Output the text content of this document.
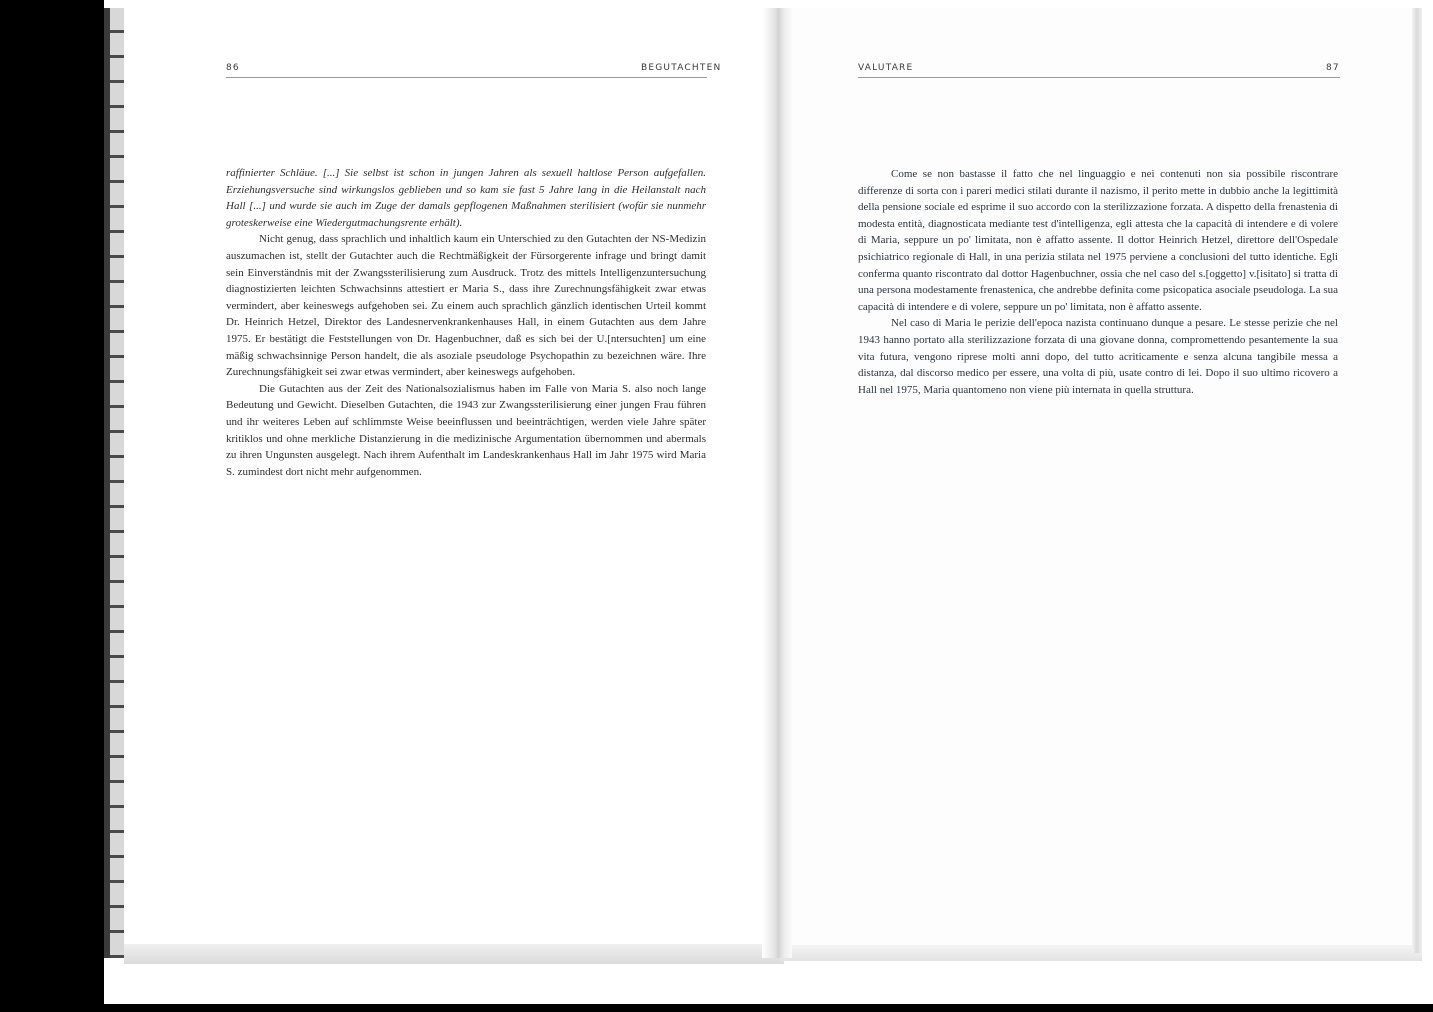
86	BEGUTACHTEN	VALUTARE	87

raffinierter Schläue. [...] Sie selbst ist schon in jungen Jahren als sexuell haltlose Person aufgefallen. Erziehungsversuche sind wirkungslos geblieben und so kam sie fast 5 Jahre lang in die Heilanstalt nach Hall [...] und wurde sie auch im Zuge der damals gepflogenen Maßnahmen sterilisiert (wofür sie nunmehr groteskerweise eine Wiedergutmachungsrente erhält).

Nicht genug, dass sprachlich und inhaltlich kaum ein Unterschied zu den Gutachten der NS-Medizin auszumachen ist, stellt der Gutachter auch die Rechtmäßigkeit der Fürsorgerente infrage und bringt damit sein Einverständnis mit der Zwangssterilisierung zum Ausdruck. Trotz des mittels Intelligenzuntersuchung diagnostizierten leichten Schwachsinns attestiert er Maria S., dass ihre Zurechnungsfähigkeit zwar etwas vermindert, aber keineswegs aufgehoben sei. Zu einem auch sprachlich gänzlich identischen Urteil kommt Dr. Heinrich Hetzel, Direktor des Landesnervenkrankenhauses Hall, in einem Gutachten aus dem Jahre 1975. Er bestätigt die Feststellungen von Dr. Hagenbuchner, daß es sich bei der U.[ntersuchten] um eine mäßig schwachsinnige Person handelt, die als asoziale pseudologe Psychopathin zu bezeichnen wäre. Ihre Zurechnungsfähigkeit sei zwar etwas vermindert, aber keineswegs aufgehoben.

Die Gutachten aus der Zeit des Nationalsozialismus haben im Falle von Maria S. also noch lange Bedeutung und Gewicht. Dieselben Gutachten, die 1943 zur Zwangssterilisierung einer jungen Frau führen und ihr weiteres Leben auf schlimmste Weise beeinflussen und beeinträchtigen, werden viele Jahre später kritiklos und ohne merkliche Distanzierung in die medizinische Argumentation übernommen und abermals zu ihren Ungunsten ausgelegt. Nach ihrem Aufenthalt im Landeskrankenhaus Hall im Jahr 1975 wird Maria S. zumindest dort nicht mehr aufgenommen.

Come se non bastasse il fatto che nel linguaggio e nei contenuti non sia possibile riscontrare differenze di sorta con i pareri medici stilati durante il nazismo, il perito mette in dubbio anche la legittimità della pensione sociale ed esprime il suo accordo con la sterilizzazione forzata. A dispetto della frenastenia di modesta entità, diagnosticata mediante test d'intelligenza, egli attesta che la capacità di intendere e di volere di Maria, seppure un po' limitata, non è affatto assente. Il dottor Heinrich Hetzel, direttore dell'Ospedale psichiatrico regionale di Hall, in una perizia stilata nel 1975 perviene a conclusioni del tutto identiche. Egli conferma quanto riscontrato dal dottor Hagenbuchner, ossia che nel caso del s.[oggetto] v.[isitato] si tratta di una persona modestamente frenastenica, che andrebbe definita come psicopatica asociale pseudologa. La sua capacità di intendere e di volere, seppure un po' limitata, non è affatto assente.

Nel caso di Maria le perizie dell'epoca nazista continuano dunque a pesare. Le stesse perizie che nel 1943 hanno portato alla sterilizzazione forzata di una giovane donna, compromettendo pesantemente la sua vita futura, vengono riprese molti anni dopo, del tutto acriticamente e senza alcuna tangibile messa a distanza, dal discorso medico per essere, una volta di più, usate contro di lei. Dopo il suo ultimo ricovero a Hall nel 1975, Maria quantomeno non viene più internata in quella struttura.
